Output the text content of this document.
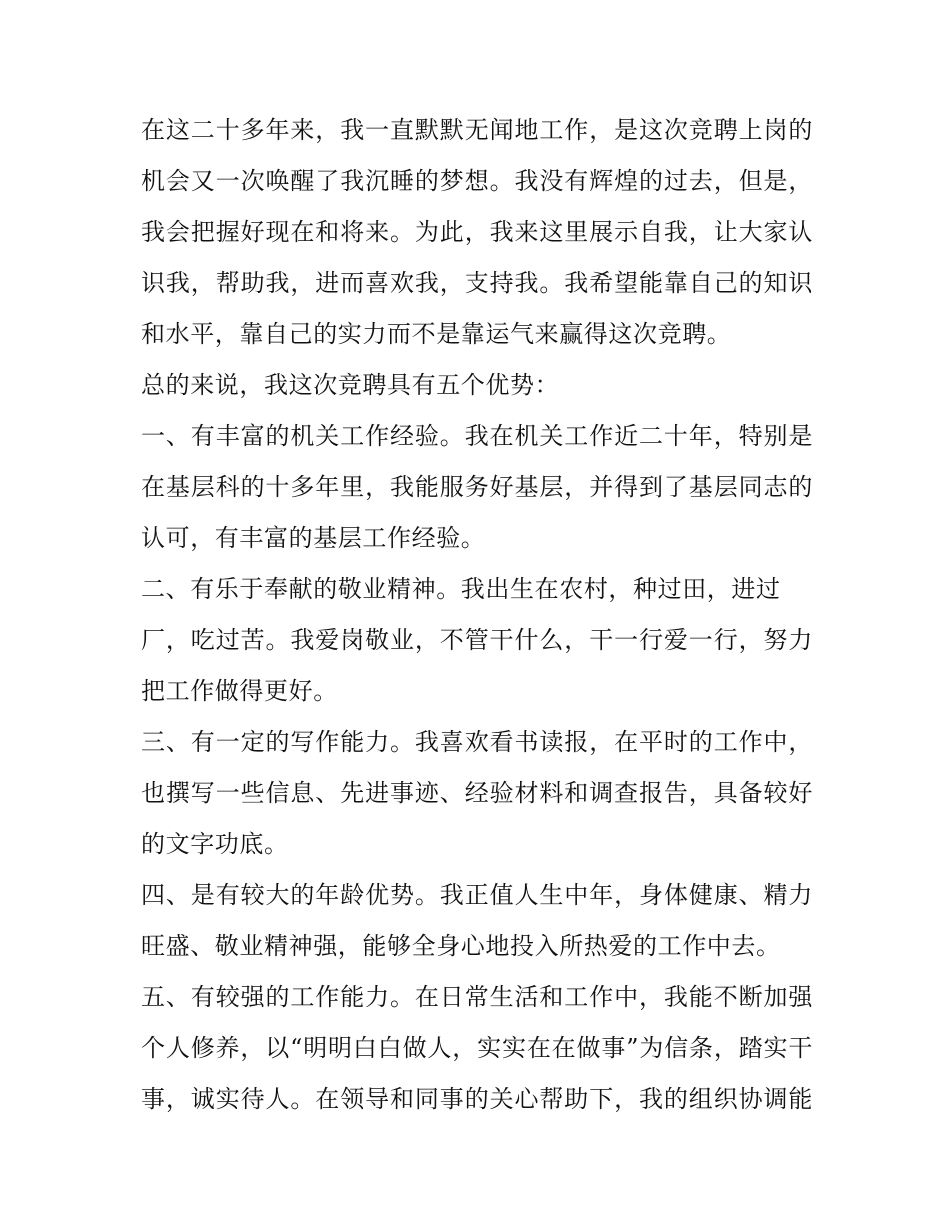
在这二十多年来，我一直默默无闻地工作，是这次竞聘上岗的
机会又一次唤醒了我沉睡的梦想。我没有辉煌的过去，但是，
我会把握好现在和将来。为此，我来这里展示自我，让大家认
识我，帮助我，进而喜欢我，支持我。我希望能靠自己的知识
和水平，靠自己的实力而不是靠运气来赢得这次竞聘。
总的来说，我这次竞聘具有五个优势：
一、有丰富的机关工作经验。我在机关工作近二十年，特别是
在基层科的十多年里，我能服务好基层，并得到了基层同志的
认可，有丰富的基层工作经验。
二、有乐于奉献的敬业精神。我出生在农村，种过田，进过
厂，吃过苦。我爱岗敬业，不管干什么，干一行爱一行，努力
把工作做得更好。
三、有一定的写作能力。我喜欢看书读报，在平时的工作中，
也撰写一些信息、先进事迹、经验材料和调查报告，具备较好
的文字功底。
四、是有较大的年龄优势。我正值人生中年，身体健康、精力
旺盛、敬业精神强，能够全身心地投入所热爱的工作中去。
五、有较强的工作能力。在日常生活和工作中，我能不断加强
个人修养，以“明明白白做人，实实在在做事”为信条，踏实干
事，诚实待人。在领导和同事的关心帮助下，我的组织协调能
